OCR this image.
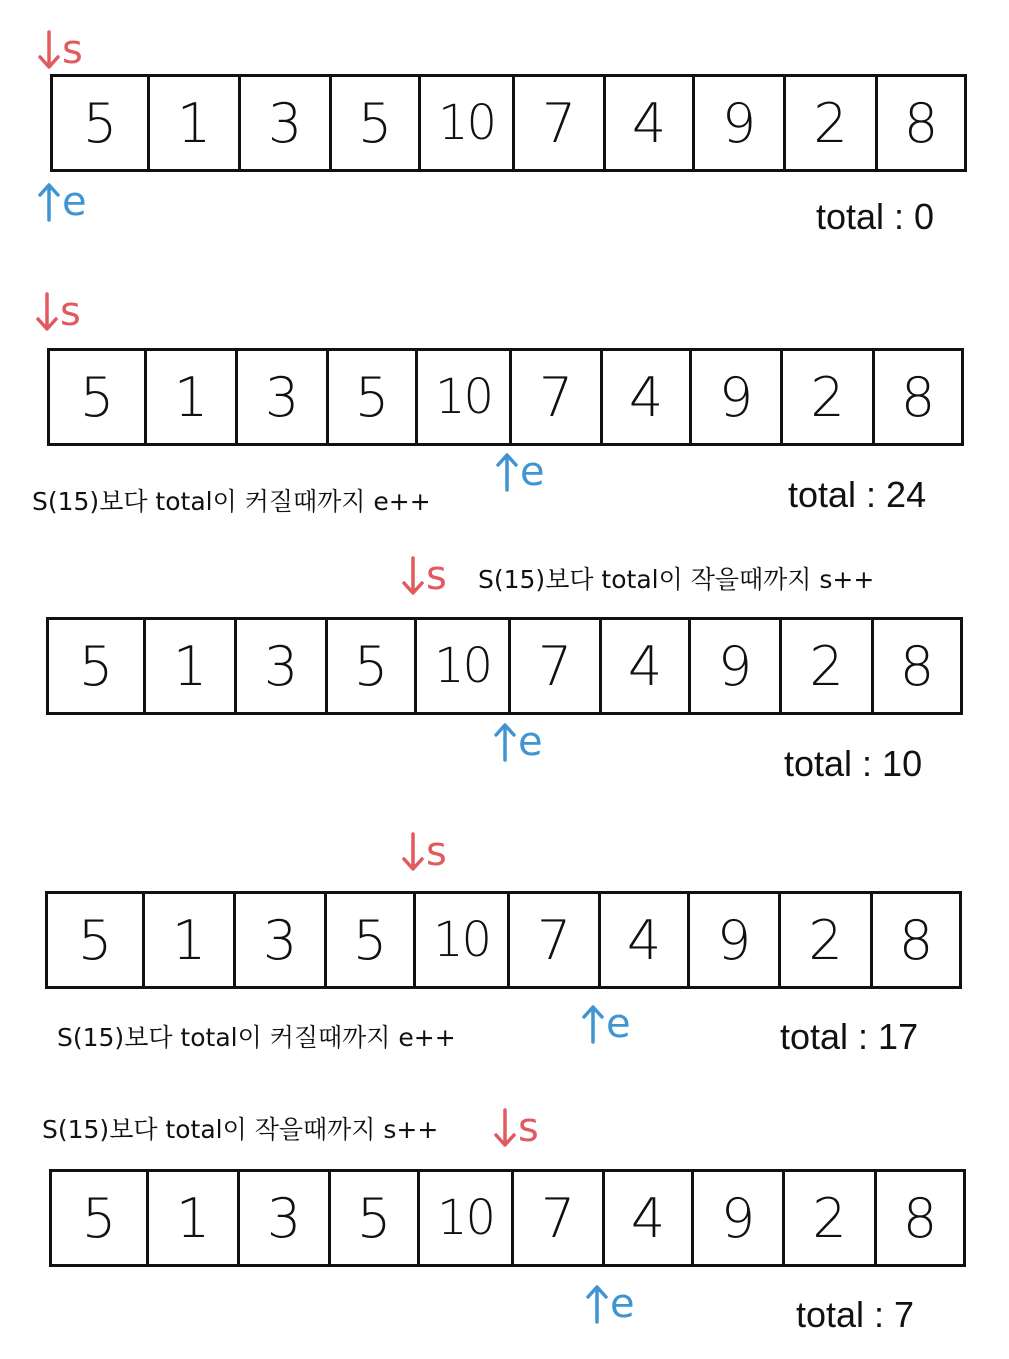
s
5	1	3	5 10 7	4	9	2	8
e	total : 0
s
5	1	3	5 10 7	4	9	2	8
e
S(15)보다 total이 커질때까지 e++	total : 24
s S(15)보다 total이 작을때까지 s++
5	1	3	5 10 7	4	9	2	8
e	total : 10
s
5	1	3	5 10 7	4	9	2	8
S(15)보다 total이 커질때까지 e++	e	total : 17
S(15)보다 total이 작을때까지 s++ s
5	1	3	5 10 7	4	9	2	8
e	total : 7
